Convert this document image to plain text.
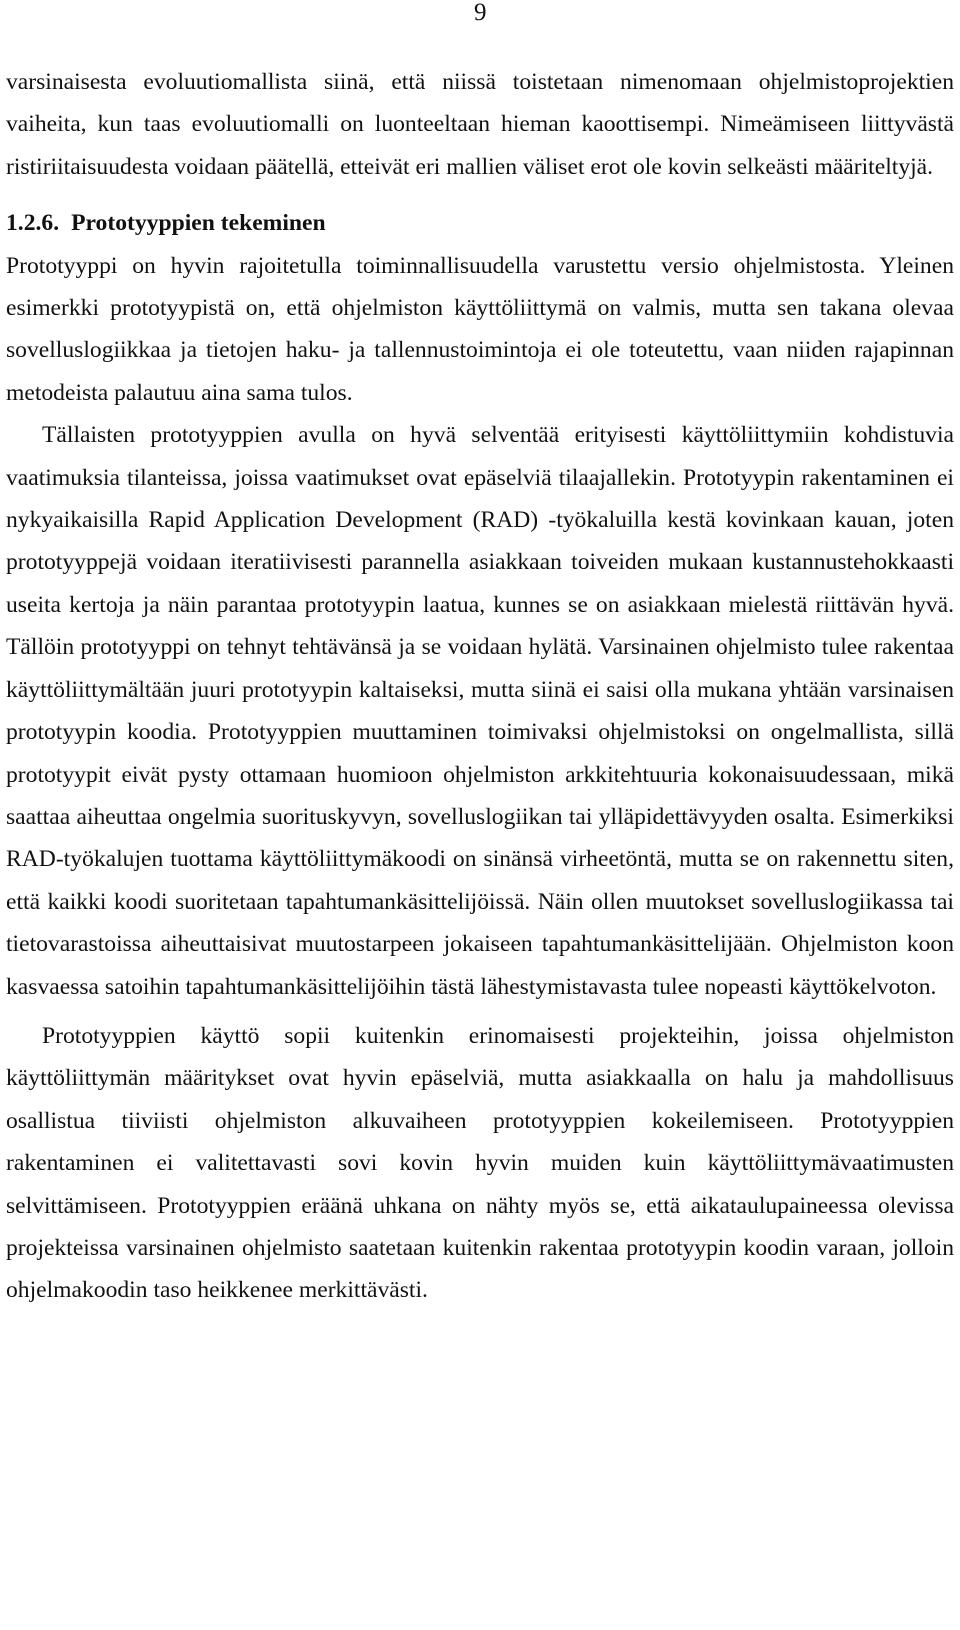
9

varsinaisesta evoluutiomallista siinä, että niissä toistetaan nimenomaan ohjelmistoprojektien vaiheita, kun taas evoluutiomalli on luonteeltaan hieman kaoottisempi. Nimeämiseen liittyvästä ristiriitaisuudesta voidaan päätellä, etteivät eri mallien väliset erot ole kovin selkeästi määriteltyjä.

1.2.6. Prototyyppien tekeminen

Prototyyppi on hyvin rajoitetulla toiminnallisuudella varustettu versio ohjelmistosta. Yleinen esimerkki prototyypistä on, että ohjelmiston käyttöliittymä on valmis, mutta sen takana olevaa sovelluslogiikkaa ja tietojen haku- ja tallennustoimintoja ei ole toteutettu, vaan niiden rajapinnan metodeista palautuu aina sama tulos.

Tällaisten prototyyppien avulla on hyvä selventää erityisesti käyttöliittymiin kohdistuvia vaatimuksia tilanteissa, joissa vaatimukset ovat epäselviä tilaajallekin. Prototyypin rakentaminen ei nykyaikaisilla Rapid Application Development (RAD) -työkaluilla kestä kovinkaan kauan, joten prototyyppejä voidaan iteratiivisesti parannella asiakkaan toiveiden mukaan kustannustehokkaasti useita kertoja ja näin parantaa prototyypin laatua, kunnes se on asiakkaan mielestä riittävän hyvä. Tällöin prototyyppi on tehnyt tehtävänsä ja se voidaan hylätä. Varsinainen ohjelmisto tulee rakentaa käyttöliittymältään juuri prototyypin kaltaiseksi, mutta siinä ei saisi olla mukana yhtään varsinaisen prototyypin koodia. Prototyyppien muuttaminen toimivaksi ohjelmistoksi on ongelmallista, sillä prototyypit eivät pysty ottamaan huomioon ohjelmiston arkkitehtuuria kokonaisuudessaan, mikä saattaa aiheuttaa ongelmia suorituskyvyn, sovelluslogiikan tai ylläpidettävyyden osalta. Esimerkiksi RAD-työkalujen tuottama käyttöliittymäkoodi on sinänsä virheetöntä, mutta se on rakennettu siten, että kaikki koodi suoritetaan tapahtumankäsittelijöissä. Näin ollen muutokset sovelluslogiikassa tai tietovarastoissa aiheuttaisivat muutostarpeen jokaiseen tapahtumankäsittelijään. Ohjelmiston koon kasvaessa satoihin tapahtumankäsittelijöihin tästä lähestymistavasta tulee nopeasti käyttökelvoton.

Prototyyppien käyttö sopii kuitenkin erinomaisesti projekteihin, joissa ohjelmiston käyttöliittymän määritykset ovat hyvin epäselviä, mutta asiakkaalla on halu ja mahdollisuus osallistua tiiviisti ohjelmiston alkuvaiheen prototyyppien kokeilemiseen. Prototyyppien rakentaminen ei valitettavasti sovi kovin hyvin muiden kuin käyttöliittymävaatimusten selvittämiseen. Prototyyppien eräänä uhkana on nähty myös se, että aikataulupaineessa olevissa projekteissa varsinainen ohjelmisto saatetaan kuitenkin rakentaa prototyypin koodin varaan, jolloin ohjelmakoodin taso heikkenee merkittävästi.
